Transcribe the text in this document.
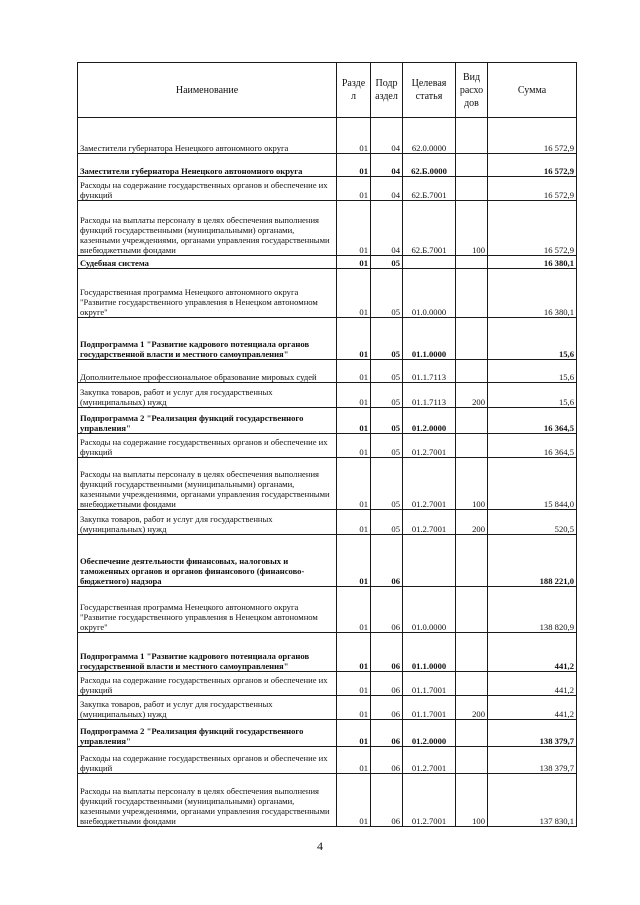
Наименование	Разде л	Подр аздел	Целевая статья	Вид расхо дов	Сумма
Заместители губернатора Ненецкого автономного округа	01	04	62.0.0000		16 572,9
Заместители губернатора Ненецкого автономного округа	01	04	62.Б.0000		16 572,9
Расходы на содержание государственных органов и обеспечение их функций	01	04	62.Б.7001		16 572,9
Расходы на выплаты персоналу в целях обеспечения выполнения функций государственными (муниципальными) органами, казенными учреждениями, органами управления государственными внебюджетными фондами	01	04	62.Б.7001	100	16 572,9
Судебная система	01	05			16 380,1
Государственная программа Ненецкого автономного округа "Развитие государственного управления в Ненецком автономном округе"	01	05	01.0.0000		16 380,1
Подпрограмма 1 "Развитие кадрового потенциала органов государственной власти и местного самоуправления"	01	05	01.1.0000		15,6
Дополнительное профессиональное образование мировых судей	01	05	01.1.7113		15,6
Закупка товаров, работ и услуг для государственных (муниципальных) нужд	01	05	01.1.7113	200	15,6
Подпрограмма 2 "Реализация функций государственного управления"	01	05	01.2.0000		16 364,5
Расходы на содержание государственных органов и обеспечение их функций	01	05	01.2.7001		16 364,5
Расходы на выплаты персоналу в целях обеспечения выполнения функций государственными (муниципальными) органами, казенными учреждениями, органами управления государственными внебюджетными фондами	01	05	01.2.7001	100	15 844,0
Закупка товаров, работ и услуг для государственных (муниципальных) нужд	01	05	01.2.7001	200	520,5
Обеспечение деятельности финансовых, налоговых и таможенных органов и органов финансового (финансово-бюджетного) надзора	01	06			188 221,0
Государственная программа Ненецкого автономного округа "Развитие государственного управления в Ненецком автономном округе"	01	06	01.0.0000		138 820,9
Подпрограмма 1 "Развитие кадрового потенциала органов государственной власти и местного самоуправления"	01	06	01.1.0000		441,2
Расходы на содержание государственных органов и обеспечение их функций	01	06	01.1.7001		441,2
Закупка товаров, работ и услуг для государственных (муниципальных) нужд	01	06	01.1.7001	200	441,2
Подпрограмма 2 "Реализация функций государственного управления"	01	06	01.2.0000		138 379,7
Расходы на содержание государственных органов и обеспечение их функций	01	06	01.2.7001		138 379,7
Расходы на выплаты персоналу в целях обеспечения выполнения функций государственными (муниципальными) органами, казенными учреждениями, органами управления государственными внебюджетными фондами	01	06	01.2.7001	100	137 830,1
4
